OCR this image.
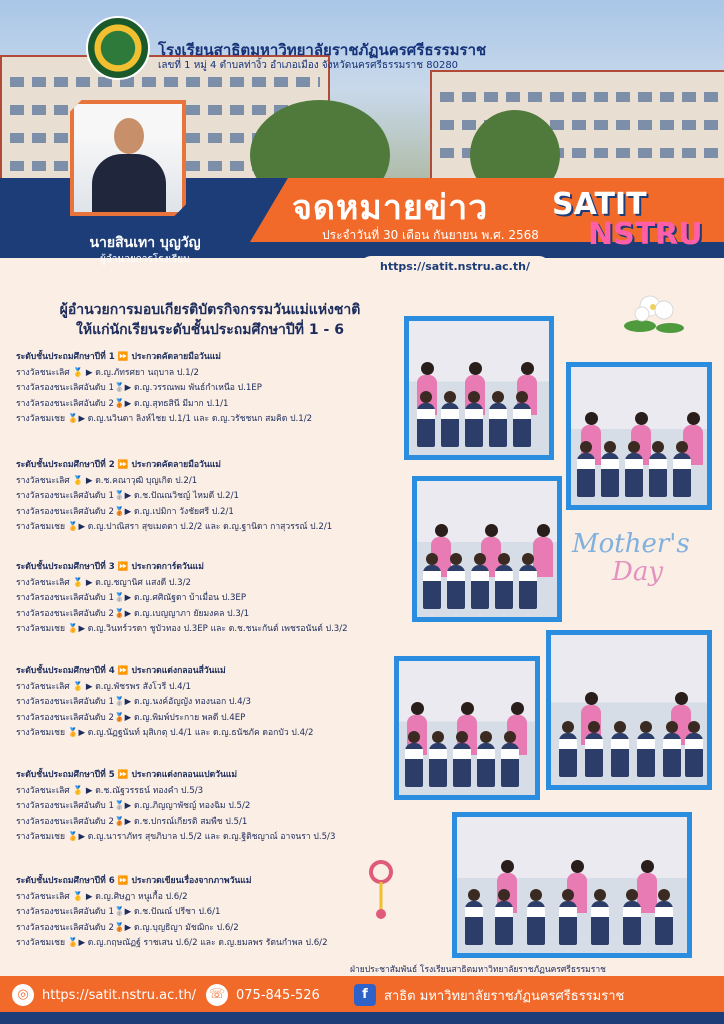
โรงเรียนสาธิตมหาวิทยาลัยราชภัฏนครศรีธรรมราช
เลขที่ 1 หมู่ 4 ตำบลท่างิ้ว อำเภอเมือง จังหวัดนครศรีธรรมราช 80280
จดหมายข่าว
ประจำวันที่ 30 เดือน กันยายน พ.ศ. 2568
SATIT
NSTRU
https://satit.nstru.ac.th/
นายสินเทา บุญวัญ
ผู้อำนวยการโรงเรียน
ผู้อำนวยการมอบเกียรติบัตรกิจกรรมวันแม่แห่งชาติ
ให้แก่นักเรียนระดับชั้นประถมศึกษาปีที่ 1 - 6
ระดับชั้นประถมศึกษาปีที่ 1 ⏩ ประกวดคัดลายมือวันแม่
รางวัลชนะเลิศ 🥇 ▶ ด.ญ.ภัทรศยา นฤบาล ป.1/2
รางวัลรองชนะเลิศอันดับ 1🥈▶ ด.ญ.วรรณพม พันธ์กำเหนือ ป.1EP
รางวัลรองชนะเลิศอันดับ 2🥉▶ ด.ญ.สุทธสินี มีมาก ป.1/1
รางวัลชมเชย 🏅▶ ด.ญ.นวินดา ลิงห์ไชย ป.1/1 และ ด.ญ.วรัชชนก สมคิด ป.1/2
ระดับชั้นประถมศึกษาปีที่ 2 ⏩ ประกวดคัดลายมือวันแม่
รางวัลชนะเลิศ 🥇 ▶ ด.ช.คณาวุฒิ บุญเกิด ป.2/1
รางวัลรองชนะเลิศอันดับ 1🥈▶ ด.ช.ปัณณวิชญ์ ไหมดี ป.2/1
รางวัลรองชนะเลิศอันดับ 2🥉▶ ด.ญ.เปมิกา วังชัยศรี ป.2/1
รางวัลชมเชย 🏅▶ ด.ญ.ปาณิสรา สุขเมตตา ป.2/2 และ ด.ญ.ฐานิดา กาสุวรรณ์ ป.2/1
ระดับชั้นประถมศึกษาปีที่ 3 ⏩ ประกวดการ์ดวันแม่
รางวัลชนะเลิศ 🥇 ▶ ด.ญ.ชญานิศ แสงดี ป.3/2
รางวัลรองชนะเลิศอันดับ 1🥈▶ ด.ญ.ศศิณัฐดา บ้าเมื่อน ป.3EP
รางวัลรองชนะเลิศอันดับ 2🥉▶ ด.ญ.เบญญาภา ยัยมงคล ป.3/1
รางวัลชมเชย 🏅▶ ด.ญ.วินทร์วรดา ชูบัวทอง ป.3EP และ ด.ช.ชนะกันต์ เพชรอนันต์ ป.3/2
ระดับชั้นประถมศึกษาปีที่ 4 ⏩ ประกวดแต่งกลอนสี่วันแม่
รางวัลชนะเลิศ 🥇 ▶ ด.ญ.พัชรพร สังโวรี ป.4/1
รางวัลรองชนะเลิศอันดับ 1🥈▶ ด.ญ.นงค์อัญญัง ทองนอก ป.4/3
รางวัลรองชนะเลิศอันดับ 2🥉▶ ด.ญ.พิมพ์ประกาย พลดี ป.4EP
รางวัลชมเชย 🏅▶ ด.ญ.นัฏฐนันท์ มุสิเกตุ ป.4/1 และ ด.ญ.ธนัชภัค ดอกบัว ป.4/2
ระดับชั้นประถมศึกษาปีที่ 5 ⏩ ประกวดแต่งกลอนแปดวันแม่
รางวัลชนะเลิศ 🥇 ▶ ด.ช.ณัฐวรรธน์ ทองคำ ป.5/3
รางวัลรองชนะเลิศอันดับ 1🥈▶ ด.ญ.ภิญญาพัชญ์ ทองฉิม ป.5/2
รางวัลรองชนะเลิศอันดับ 2🥉▶ ด.ช.ปกรณ์เกียรติ สมพืช ป.5/1
รางวัลชมเชย 🏅▶ ด.ญ.นาราภัทร สุขภิบาล ป.5/2 และ ด.ญ.ฐิติชญาณ์ อาจนรา ป.5/3
ระดับชั้นประถมศึกษาปีที่ 6 ⏩ ประกวดเขียนเรื่องจากภาพวันแม่
รางวัลชนะเลิศ 🥇 ▶ ด.ญ.ศิษฏา หนูเกื้อ ป.6/2
รางวัลรองชนะเลิศอันดับ 1🥈▶ ด.ช.ปัณณ์ ปรีชา ป.6/1
รางวัลรองชนะเลิศอันดับ 2🥉▶ ด.ญ.บุญธิญา มัชฌิกะ ป.6/2
รางวัลชมเชย 🏅▶ ด.ญ.กฤษณัฏฐ์ ราชเสน ป.6/2 และ ด.ญ.ยมลพร รัตนกำพล ป.6/2
Mother's
Day
ฝ่ายประชาสัมพันธ์ โรงเรียนสาธิตมหาวิทยาลัยราชภัฏนครศรีธรรมราช
◎	https://satit.nstru.ac.th/ ☏ 075-845-526	f	สาธิต มหาวิทยาลัยราชภัฏนครศรีธรรมราช
